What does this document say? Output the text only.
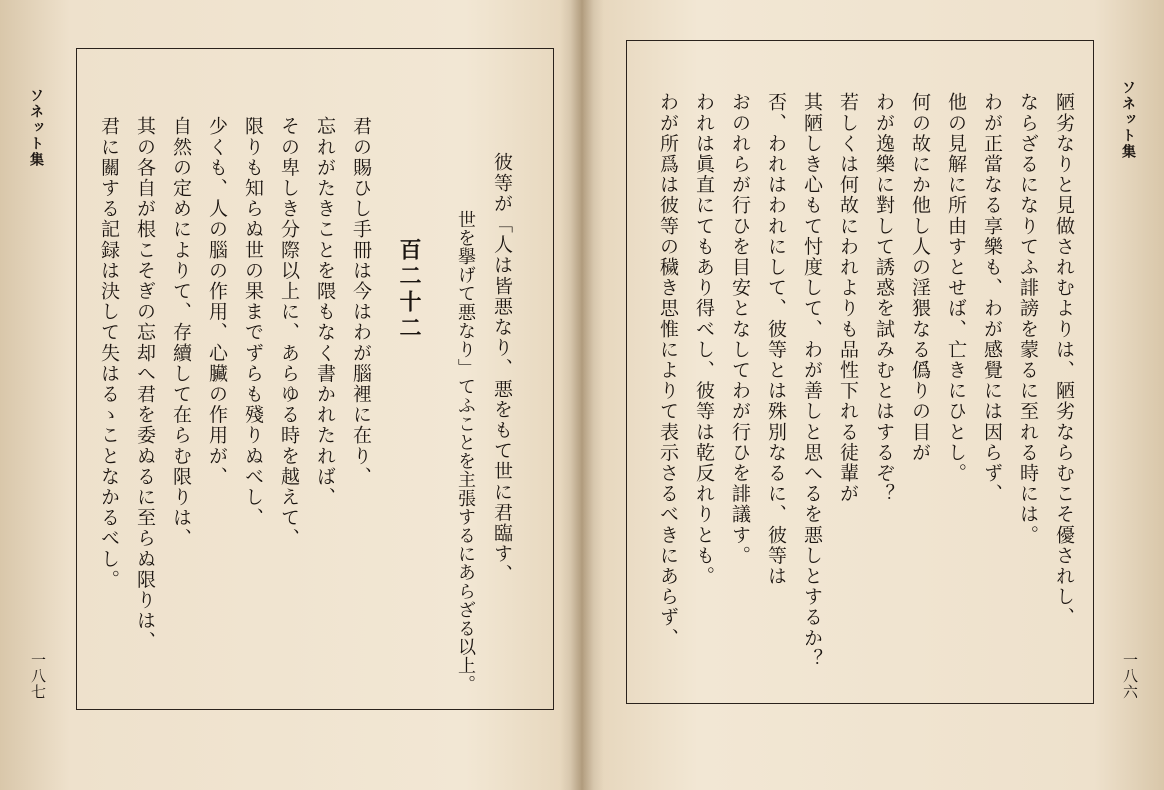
ソネット集
一八七
彼等が「人は皆悪なり、悪をもて世に君臨す、
世を擧げて悪なり」てふことを主張するにあらざる以上。
百二十二
君の賜ひし手冊は今はわが腦裡に在り、
忘れがたきことを隈もなく書かれたれば、
その卑しき分際以上に、あらゆる時を越えて、
限りも知らぬ世の果までずらも殘りぬべし、
少くも、人の腦の作用、心臟の作用が、
自然の定めによりて、存續して在らむ限りは、
其の各自が根こそぎの忘却へ君を委ぬるに至らぬ限りは、
君に關する記録は決して失はるゝことなかるべし。	ソネット集
一八六
陋劣なりと見做されむよりは、陋劣ならむこそ優されし、
ならざるになりてふ誹謗を蒙るに至れる時には。
わが正當なる享樂も、わが感覺には因らず、
他の見解に所由すとせば、亡きにひとし。
何の故にか他し人の淫猥なる僞りの目が
わが逸樂に對して誘惑を試みむとはするぞ？
若しくは何故にわれよりも品性下れる徒輩が
其陋しき心もて忖度して、わが善しと思へるを悪しとするか？
否、われはわれにして、彼等とは殊別なるに、彼等は
おのれらが行ひを目安となしてわが行ひを誹議す。
われは眞直にてもあり得べし、彼等は乾反れりとも。
わが所爲は彼等の穢き思惟によりて表示さるべきにあらず、
